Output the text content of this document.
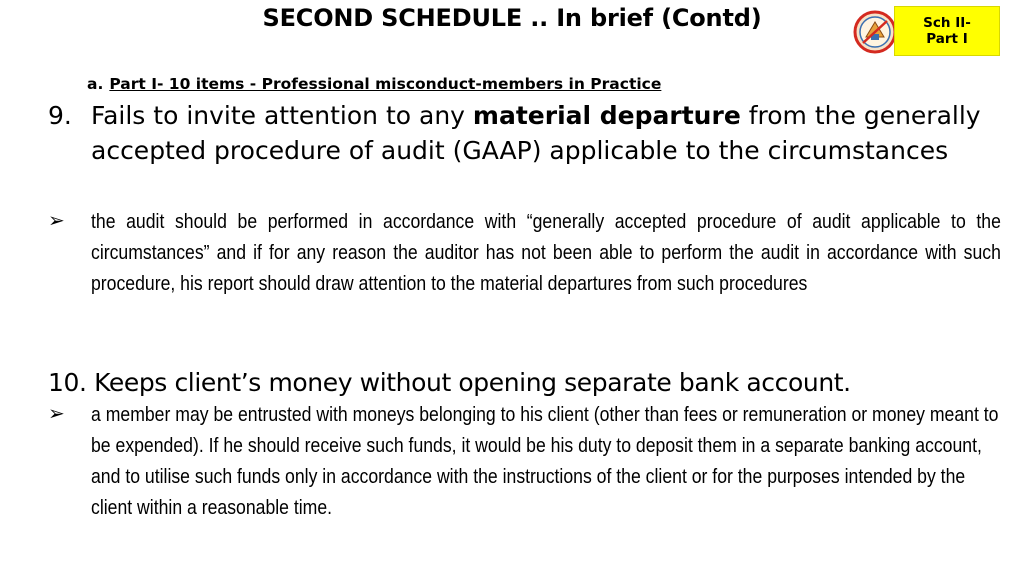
SECOND SCHEDULE .. In brief (Contd)	Sch II-
Part I
a. Part I- 10 items - Professional misconduct-members in Practice
9. Fails to invite attention to any material departure from the generally accepted procedure of audit (GAAP) applicable to the circumstances
➢ the audit should be performed in accordance with “generally accepted procedure of audit applicable to the circumstances” and if for any reason the auditor has not been able to perform the audit in accordance with such procedure, his report should draw attention to the material departures from such procedures
10. Keeps client’s money without opening separate bank account.
➢ a member may be entrusted with moneys belonging to his client (other than fees or remuneration or money meant to be expended). If he should receive such funds, it would be his duty to deposit them in a separate banking account, and to utilise such funds only in accordance with the instructions of the client or for the purposes intended by the client within a reasonable time.
